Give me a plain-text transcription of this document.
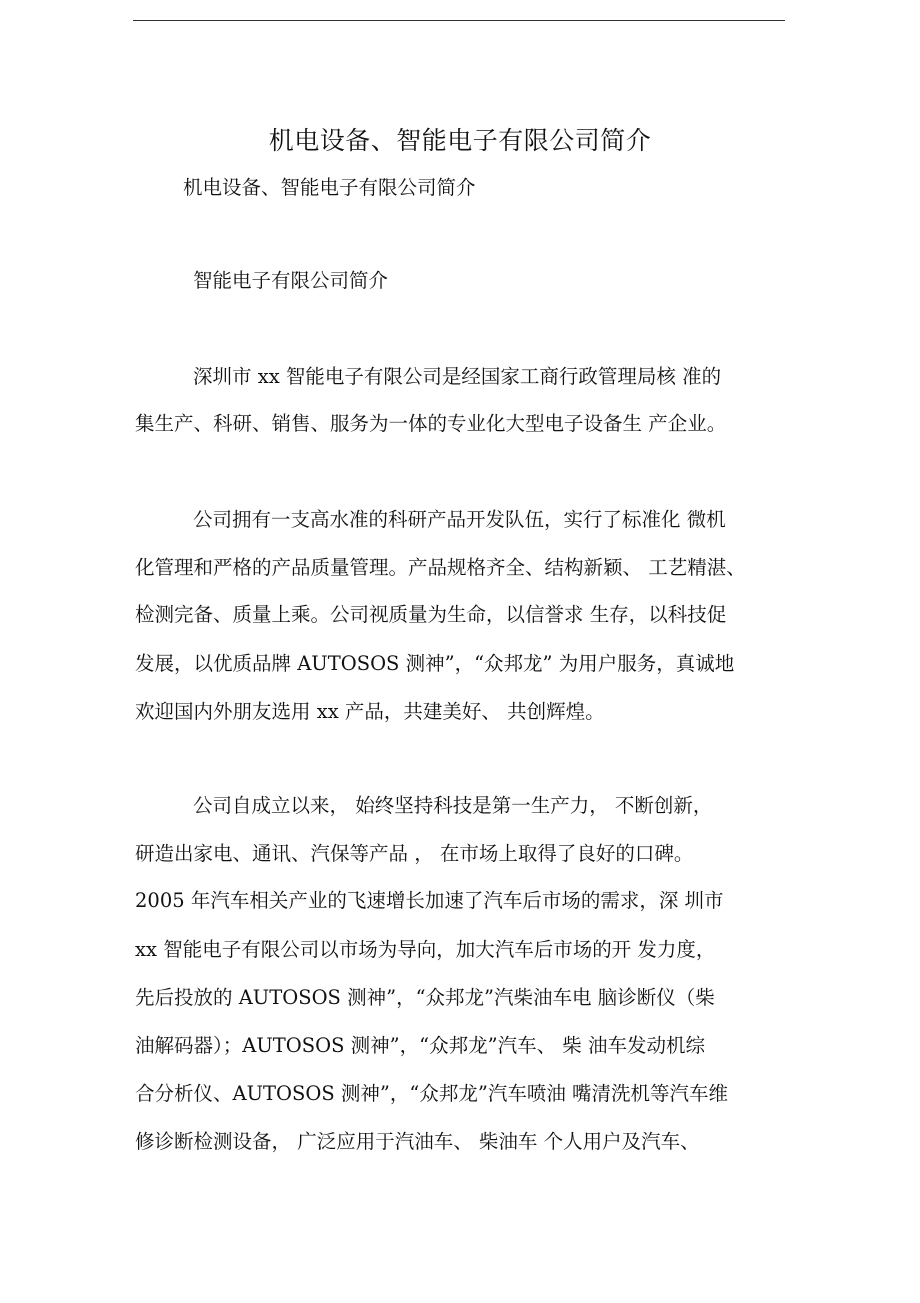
机电设备、智能电子有限公司简介

机电设备、智能电子有限公司简介

智能电子有限公司简介

深圳市 xx 智能电子有限公司是经国家工商行政管理局核 准的

集生产、科研、销售、服务为一体的专业化大型电子设备生 产企业。

公司拥有一支高水准的科研产品开发队伍，实行了标准化 微机

化管理和严格的产品质量管理。产品规格齐全、结构新颖、 工艺精湛、

检测完备、质量上乘。公司视质量为生命，以信誉求 生存，以科技促

发展，以优质品牌 AUTOSOS 测神”，“众邦龙” 为用户服务，真诚地

欢迎国内外朋友选用 xx 产品，共建美好、 共创辉煌。

公司自成立以来， 始终坚持科技是第一生产力， 不断创新，

研造出家电、通讯、汽保等产品 ， 在市场上取得了良好的口碑。

2005 年汽车相关产业的飞速增长加速了汽车后市场的需求，深 圳市

xx 智能电子有限公司以市场为导向，加大汽车后市场的开 发力度，

先后投放的 AUTOSOS 测神”，“众邦龙”汽柴油车电 脑诊断仪（柴

油解码器）；AUTOSOS 测神”，“众邦龙”汽车、 柴 油车发动机综

合分析仪、AUTOSOS 测神”，“众邦龙”汽车喷油 嘴清洗机等汽车维

修诊断检测设备， 广泛应用于汽油车、 柴油车 个人用户及汽车、
